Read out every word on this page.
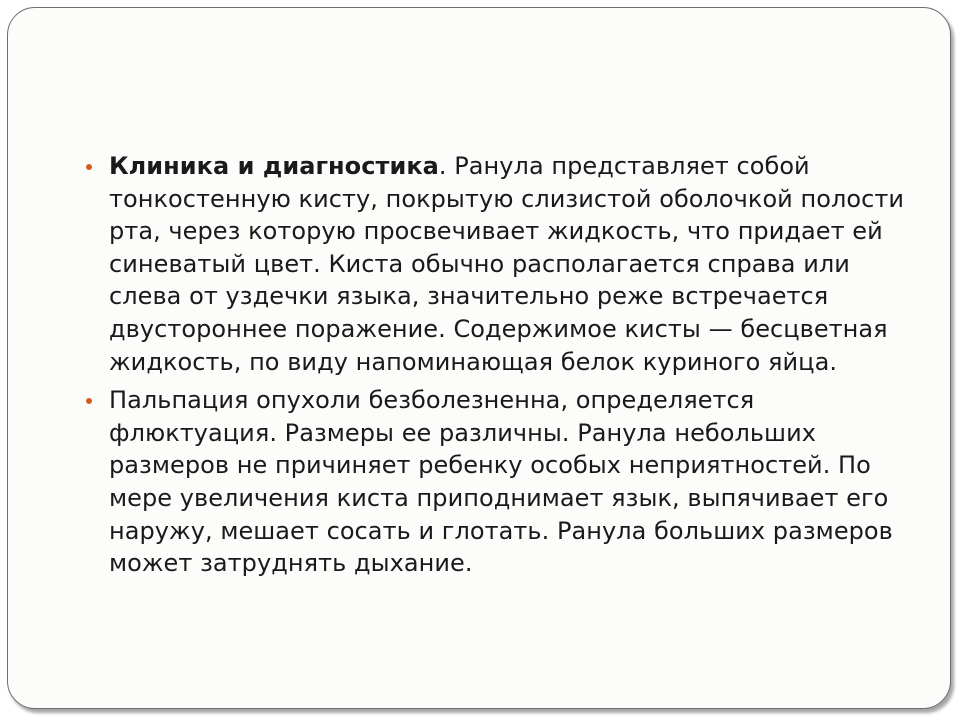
Клиника и диагностика. Ранула представляет собой тонкостенную кисту, покрытую слизистой оболочкой полости рта, через которую просвечивает жидкость, что придает ей синеватый цвет. Киста обычно располагается справа или слева от уздечки языка, значительно реже встречается двустороннее поражение. Содержимое кисты — бесцветная жидкость, по виду напоминающая белок куриного яйца.
Пальпация опухоли безболезненна, определяется флюктуация. Размеры ее различны. Ранула небольших размеров не причиняет ребенку особых неприятностей. По мере увеличения киста приподнимает язык, выпячивает его наружу, мешает сосать и глотать. Ранула больших размеров может затруднять дыхание.
